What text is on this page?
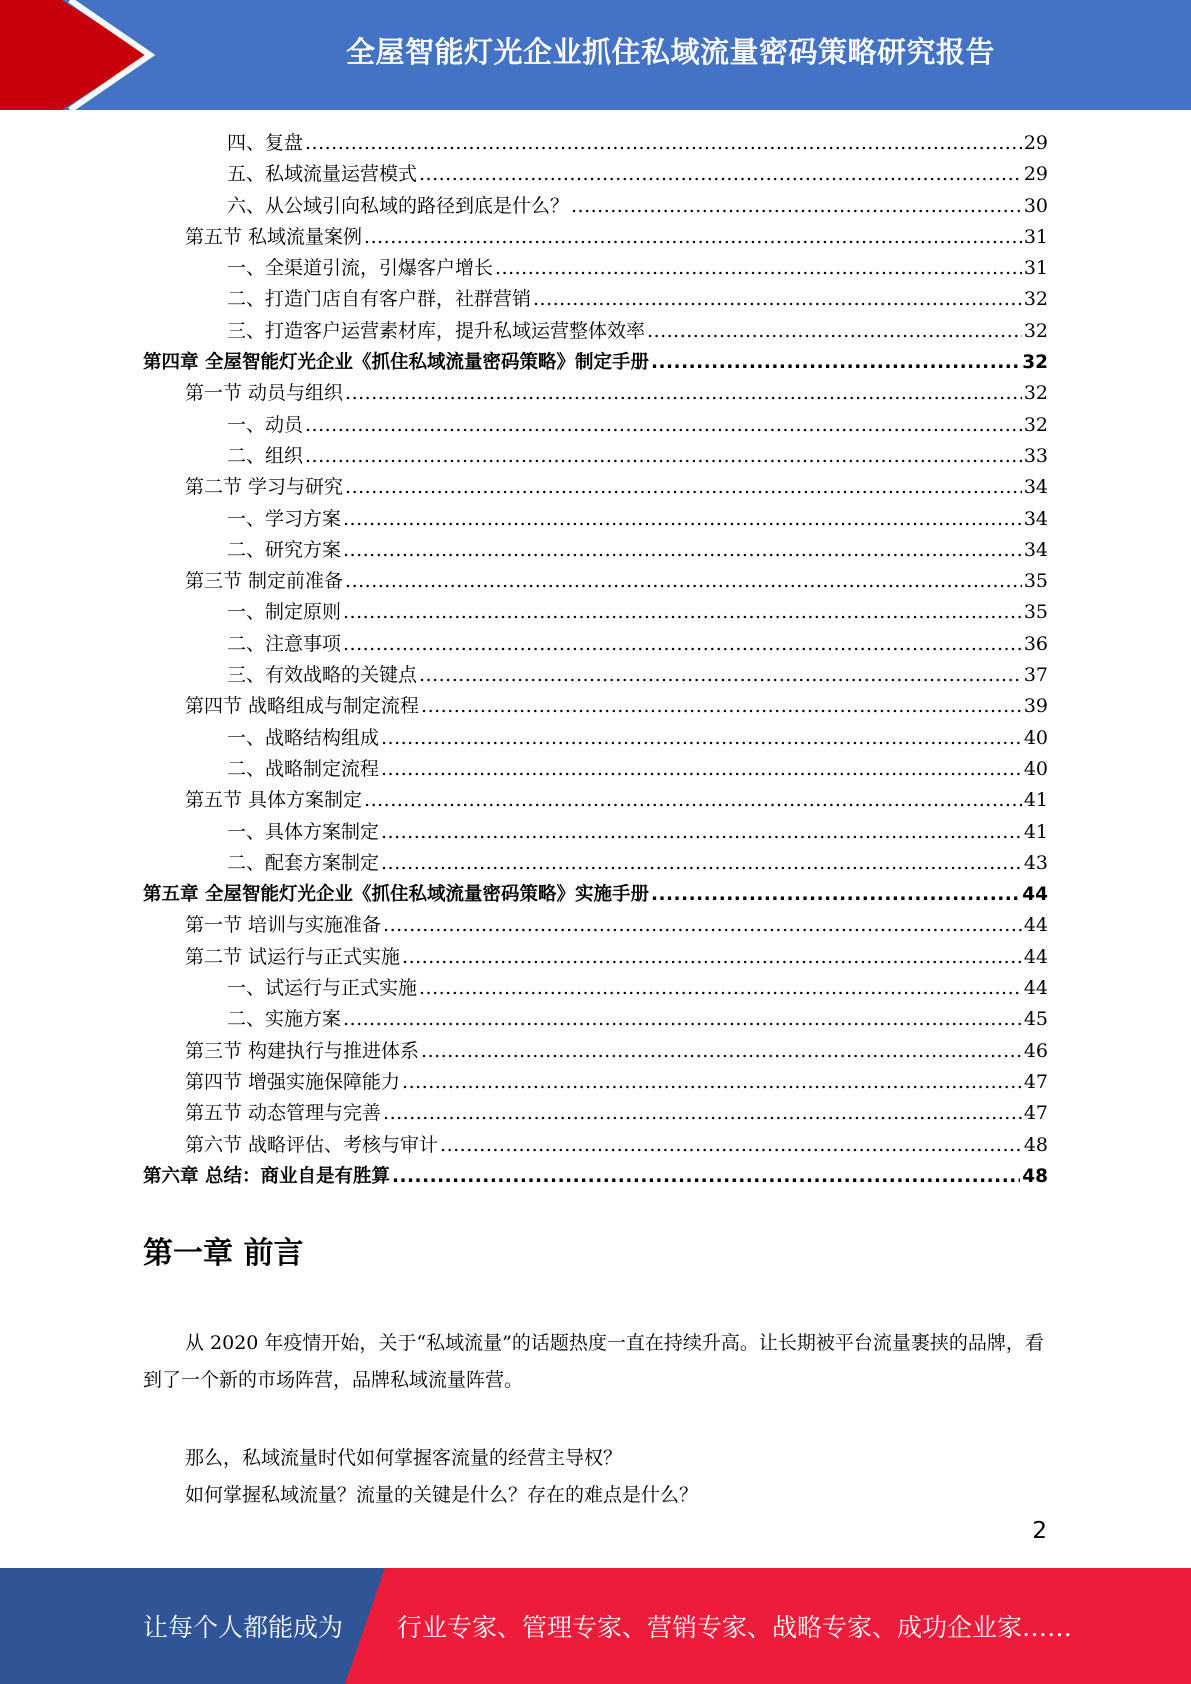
全屋智能灯光企业抓住私域流量密码策略研究报告
四、复盘 .....	29
五、私域流量运营模式 .....	29
六、从公域引向私域的路径到底是什么？ .....	30
第五节 私域流量案例 .....	31
一、全渠道引流，引爆客户增长 .....	31
二、打造门店自有客户群，社群营销 .....	32
三、打造客户运营素材库，提升私域运营整体效率 .....	32
第四章 全屋智能灯光企业《抓住私域流量密码策略》制定手册 .....	32
第一节 动员与组织 .....	32
一、动员 .....	32
二、组织 .....	33
第二节 学习与研究 .....	34
一、学习方案 .....	34
二、研究方案 .....	34
第三节 制定前准备 .....	35
一、制定原则 .....	35
二、注意事项 .....	36
三、有效战略的关键点 .....	37
第四节 战略组成与制定流程 .....	39
一、战略结构组成 .....	40
二、战略制定流程 .....	40
第五节 具体方案制定 .....	41
一、具体方案制定 .....	41
二、配套方案制定 .....	43
第五章 全屋智能灯光企业《抓住私域流量密码策略》实施手册 .....	44
第一节 培训与实施准备 .....	44
第二节 试运行与正式实施 .....	44
一、试运行与正式实施 .....	44
二、实施方案 .....	45
第三节 构建执行与推进体系 .....	46
第四节 增强实施保障能力 .....	47
第五节 动态管理与完善 .....	47
第六节 战略评估、考核与审计 .....	48
第六章 总结：商业自是有胜算 .....	48
第一章 前言
从 2020 年疫情开始，关于“私域流量”的话题热度一直在持续升高。让长期被平台流量裹挟的品牌，看到了一个新的市场阵营，品牌私域流量阵营。
那么，私域流量时代如何掌握客流量的经营主导权？
如何掌握私域流量？流量的关键是什么？存在的难点是什么？
2
让每个人都能成为 行业专家、管理专家、营销专家、战略专家、成功企业家……
